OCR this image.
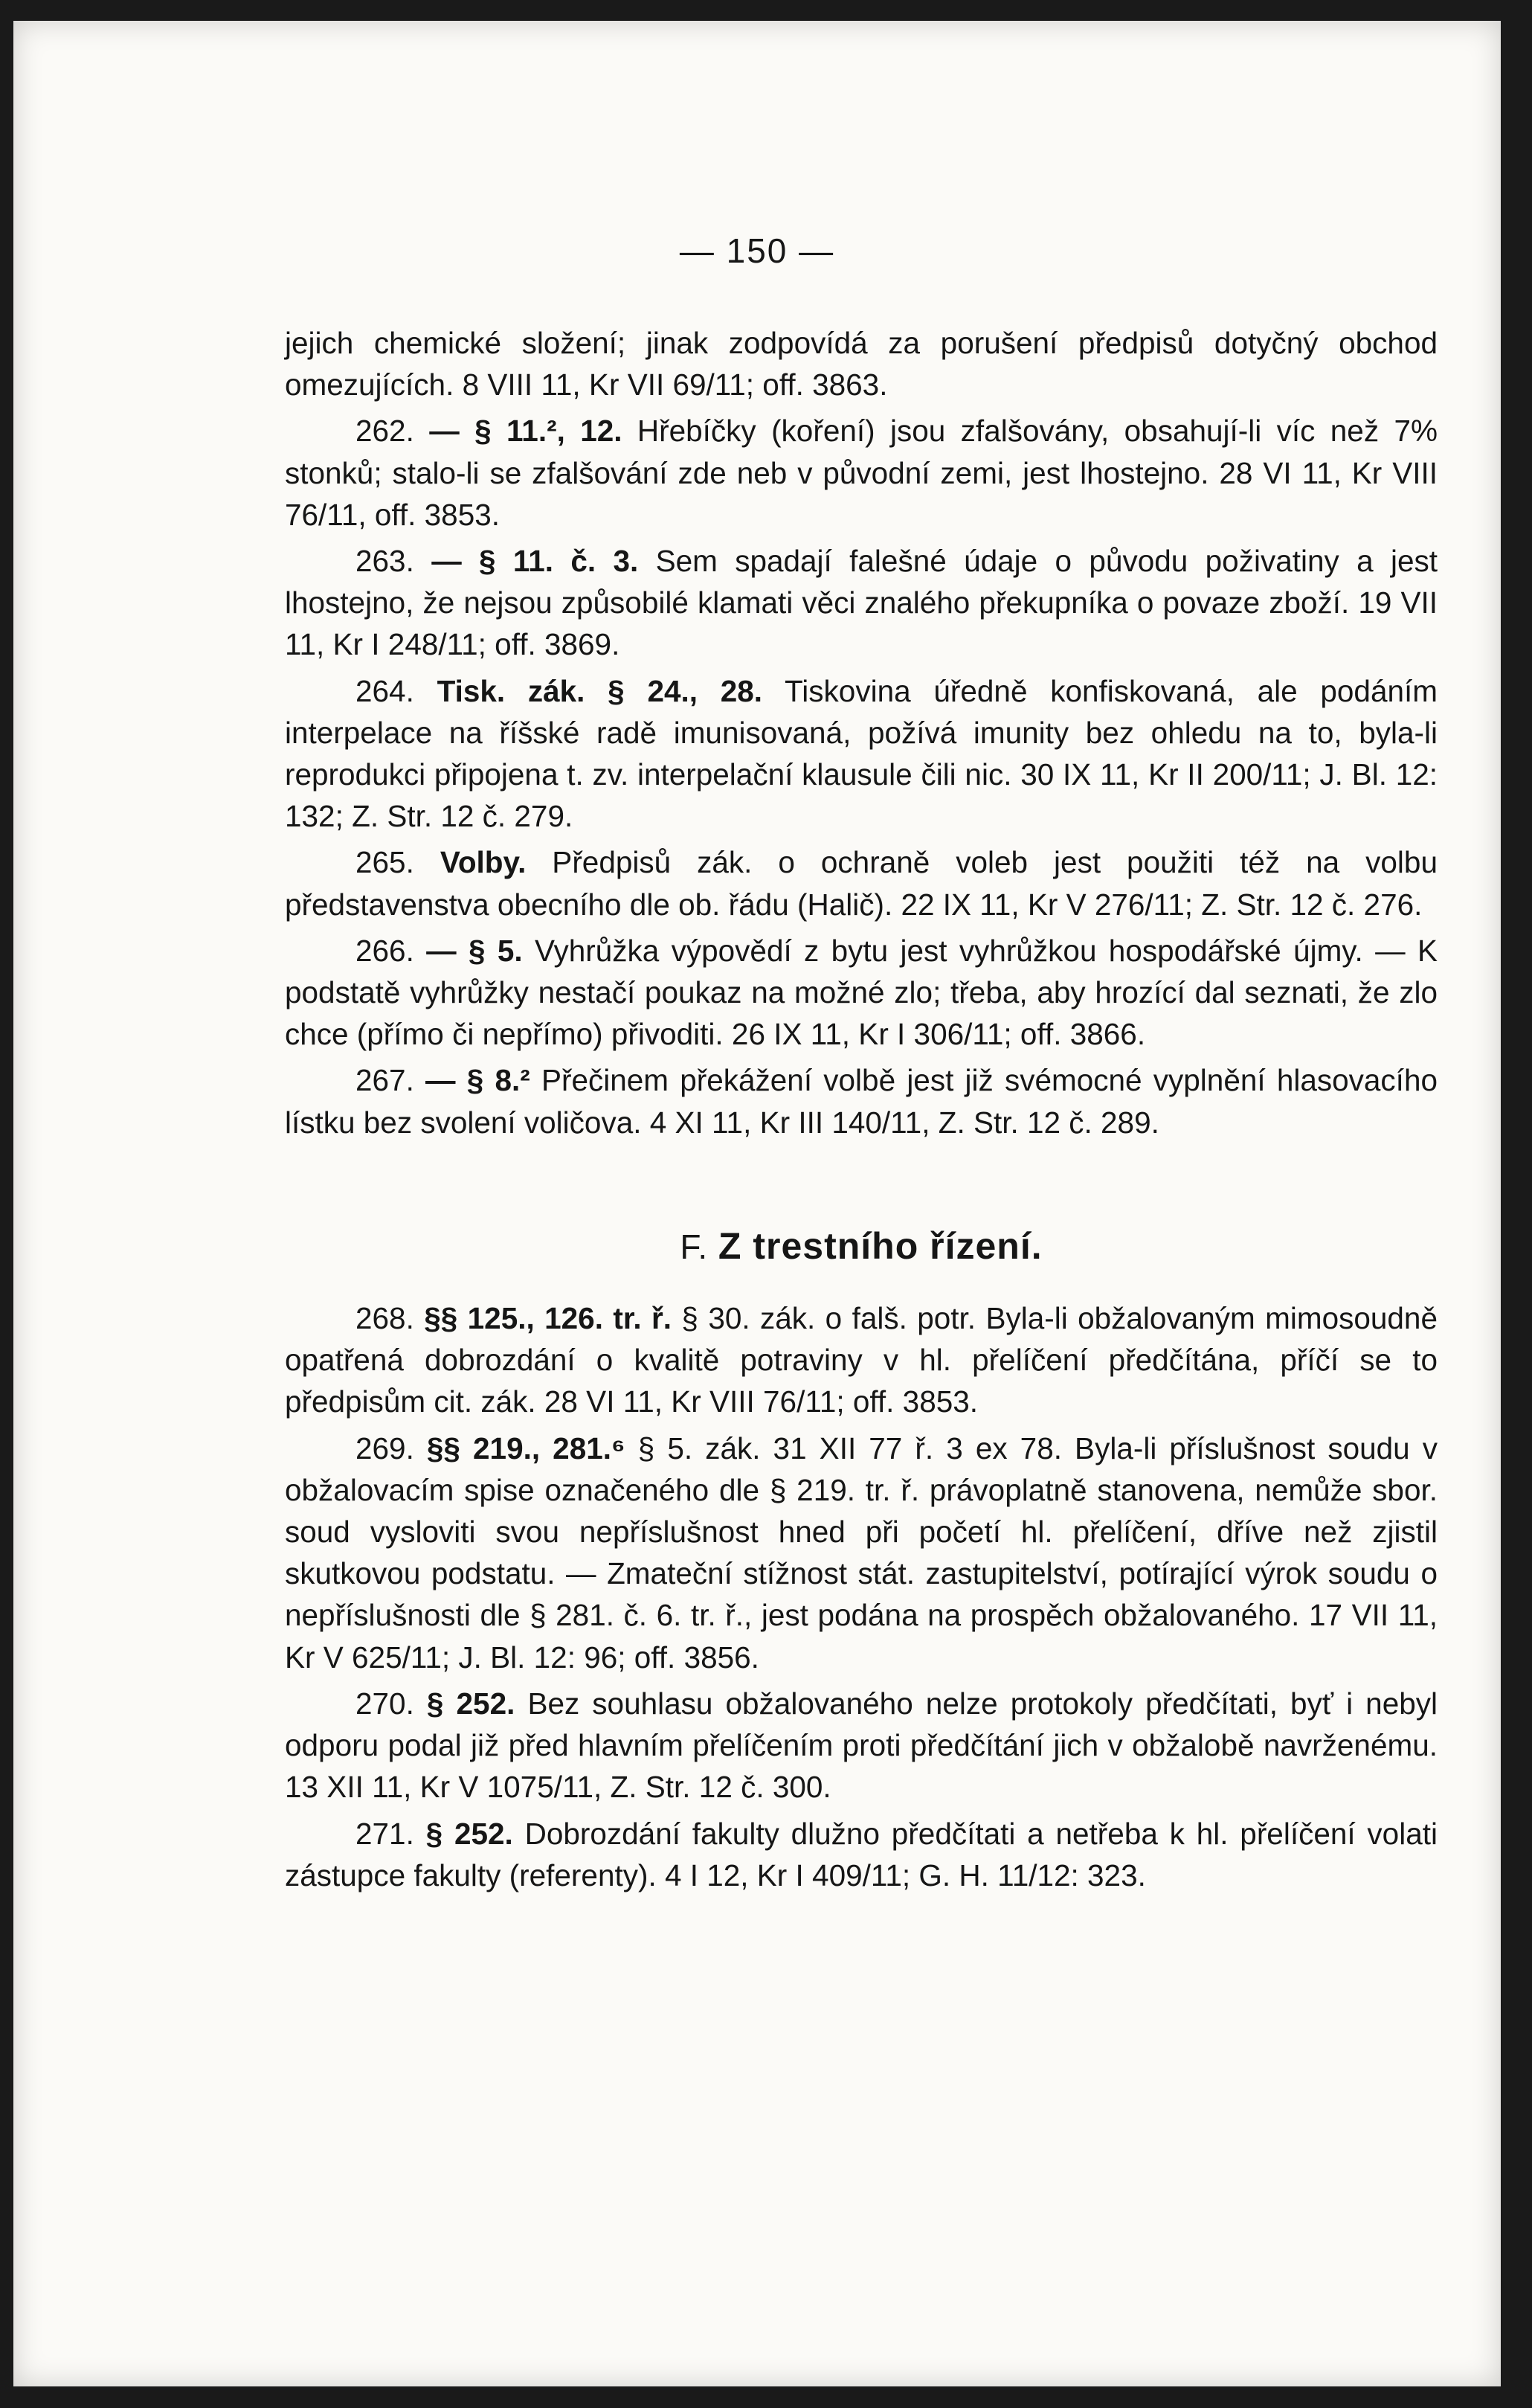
— 150 —

jejich chemické složení; jinak zodpovídá za porušení předpisů dotyčný obchod omezujících. 8 VIII 11, Kr VII 69/11; off. 3863.

262. — § 11.², 12. Hřebíčky (koření) jsou zfalšovány, obsahují-li víc než 7% stonků; stalo-li se zfalšování zde neb v původní zemi, jest lhostejno. 28 VI 11, Kr VIII 76/11, off. 3853.

263. — § 11. č. 3. Sem spadají falešné údaje o původu poživatiny a jest lhostejno, že nejsou způsobilé klamati věci znalého překupníka o povaze zboží. 19 VII 11, Kr I 248/11; off. 3869.

264. Tisk. zák. § 24., 28. Tiskovina úředně konfiskovaná, ale podáním interpelace na říšské radě imunisovaná, požívá imunity bez ohledu na to, byla-li reprodukci připojena t. zv. interpelační klausule čili nic. 30 IX 11, Kr II 200/11; J. Bl. 12: 132; Z. Str. 12 č. 279.

265. Volby. Předpisů zák. o ochraně voleb jest použiti též na volbu představenstva obecního dle ob. řádu (Halič). 22 IX 11, Kr V 276/11; Z. Str. 12 č. 276.

266. — § 5. Vyhrůžka výpovědí z bytu jest vyhrůžkou hospodářské újmy. — K podstatě vyhrůžky nestačí poukaz na možné zlo; třeba, aby hrozící dal seznati, že zlo chce (přímo či nepřímo) přivoditi. 26 IX 11, Kr I 306/11; off. 3866.

267. — § 8.² Přečinem překážení volbě jest již svémocné vyplnění hlasovacího lístku bez svolení voličova. 4 XI 11, Kr III 140/11, Z. Str. 12 č. 289.

F. Z trestního řízení.

268. §§ 125., 126. tr. ř. § 30. zák. o falš. potr. Byla-li obžalovaným mimosoudně opatřená dobrozdání o kvalitě potraviny v hl. přelíčení předčítána, příčí se to předpisům cit. zák. 28 VI 11, Kr VIII 76/11; off. 3853.

269. §§ 219., 281.⁶ § 5. zák. 31 XII 77 ř. 3 ex 78. Byla-li příslušnost soudu v obžalovacím spise označeného dle § 219. tr. ř. právoplatně stanovena, nemůže sbor. soud vysloviti svou nepříslušnost hned při početí hl. přelíčení, dříve než zjistil skutkovou podstatu. — Zmateční stížnost stát. zastupitelství, potírající výrok soudu o nepříslušnosti dle § 281. č. 6. tr. ř., jest podána na prospěch obžalovaného. 17 VII 11, Kr V 625/11; J. Bl. 12: 96; off. 3856.

270. § 252. Bez souhlasu obžalovaného nelze protokoly předčítati, byť i nebyl odporu podal již před hlavním přelíčením proti předčítání jich v obžalobě navrženému. 13 XII 11, Kr V 1075/11, Z. Str. 12 č. 300.

271. § 252. Dobrozdání fakulty dlužno předčítati a netřeba k hl. přelíčení volati zástupce fakulty (referenty). 4 I 12, Kr I 409/11; G. H. 11/12: 323.
